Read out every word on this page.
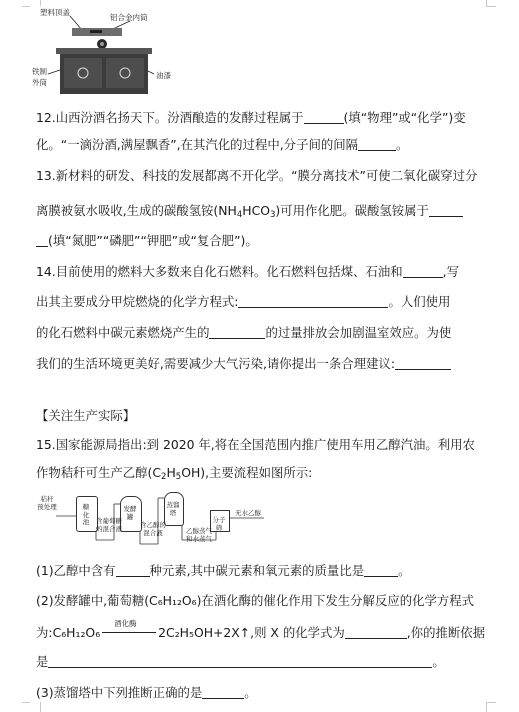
塑料顶盖
铝合金内筒
铁制
外筒
油漆
12.山西汾酒名扬天下。汾酒酿造的发酵过程属于	(填“物理”或“化学”)变
化。“一滴汾酒,满屋飘香”,在其汽化的过程中,分子间的间隔	。
13.新材料的研发、科技的发展都离不开化学。“膜分离技术”可使二氧化碳穿过分
离膜被氨水吸收,生成的碳酸氢铵$(NH_4HCO_3)$可用作化肥。碳酸氢铵属于
(填“氮肥”“磷肥”“钾肥”或“复合肥”)。
14.目前使用的燃料大多数来自化石燃料。化石燃料包括煤、石油和	,写
出其主要成分甲烷燃烧的化学方程式:	。人们使用
的化石燃料中碳元素燃烧产生的	的过量排放会加剧温室效应。为使
我们的生活环境更美好,需要减少大气污染,请你提出一条合理建议:
【关注生产实际】
15.国家能源局指出:到 2020 年,将在全国范围内推广使用车用乙醇汽油。利用农
作物秸秆可生产乙醇$(C_2H_5OH)$,主要流程如图所示:
秸秆
预处理	糖化池	含葡萄糖
的混合液
发酵
罐
含乙醇的
混合液
蒸馏
塔
乙醇蒸气
和水蒸气
分子筛
无水乙醇
(1)乙醇中含有	种元素,其中碳元素和氧元素的质量比是	。
(2)发酵罐中,葡萄糖(C₆H₁₂O₆)在酒化酶的催化作用下发生分解反应的化学方程式
为:C₆H₁₂O₆
酒化酶
2C₂H₅OH+2X↑,则 X 的化学式为	,你的推断依据
是	。
(3)蒸馏塔中下列推断正确的是	。
